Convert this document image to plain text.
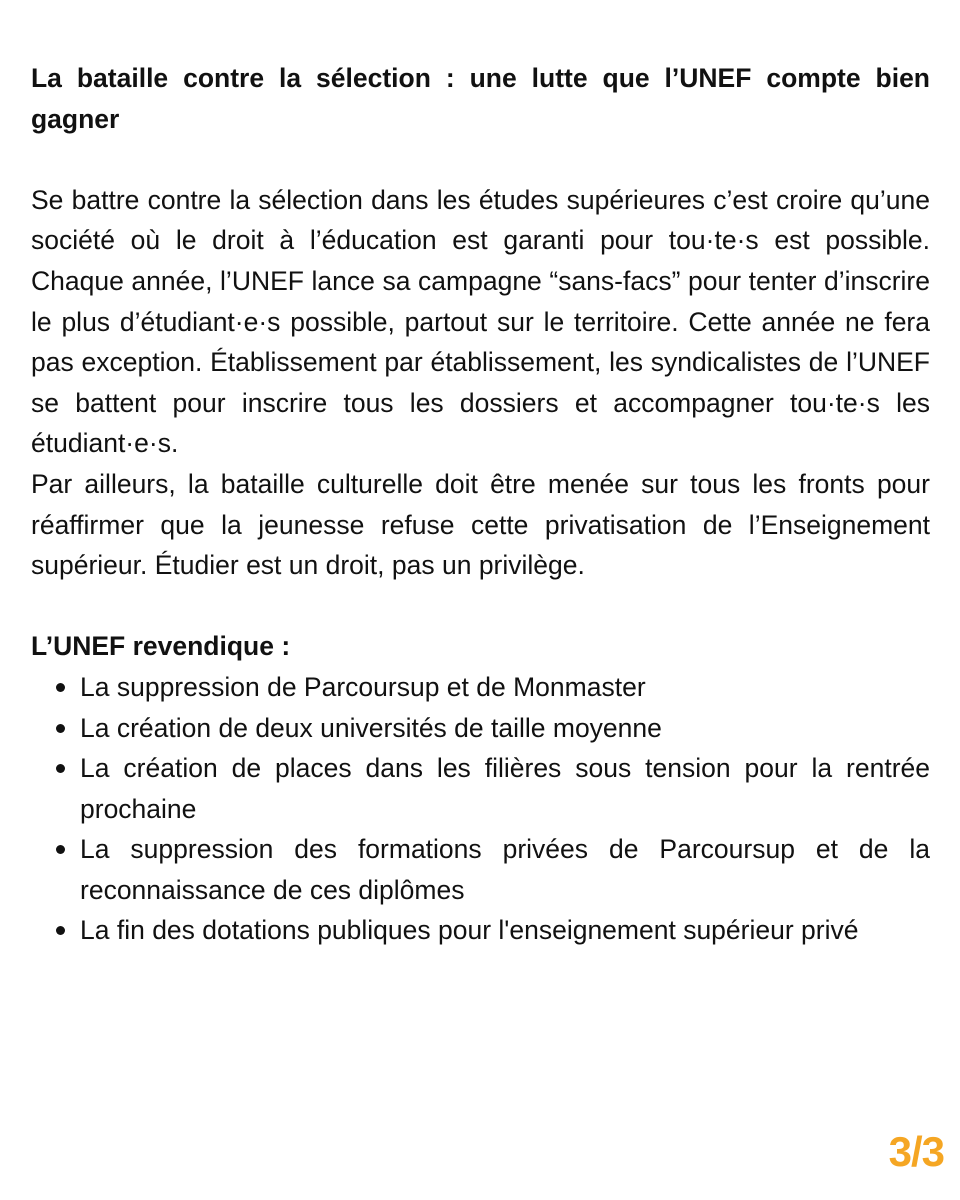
La bataille contre la sélection : une lutte que l’UNEF compte bien gagner

Se battre contre la sélection dans les études supérieures c’est croire qu’une société où le droit à l’éducation est garanti pour tou·te·s est possible. Chaque année, l’UNEF lance sa campagne “sans-facs” pour tenter d’inscrire le plus d’étudiant·e·s possible, partout sur le territoire. Cette année ne fera pas exception. Établissement par établissement, les syndicalistes de l’UNEF se battent pour inscrire tous les dossiers et accompagner tou·te·s les étudiant·e·s.

Par ailleurs, la bataille culturelle doit être menée sur tous les fronts pour réaffirmer que la jeunesse refuse cette privatisation de l’Enseignement supérieur. Étudier est un droit, pas un privilège.

L’UNEF revendique :

La suppression de Parcoursup et de Monmaster
La création de deux universités de taille moyenne
La création de places dans les filières sous tension pour la rentrée prochaine
La suppression des formations privées de Parcoursup et de la reconnaissance de ces diplômes
La fin des dotations publiques pour l'enseignement supérieur privé
3/3
